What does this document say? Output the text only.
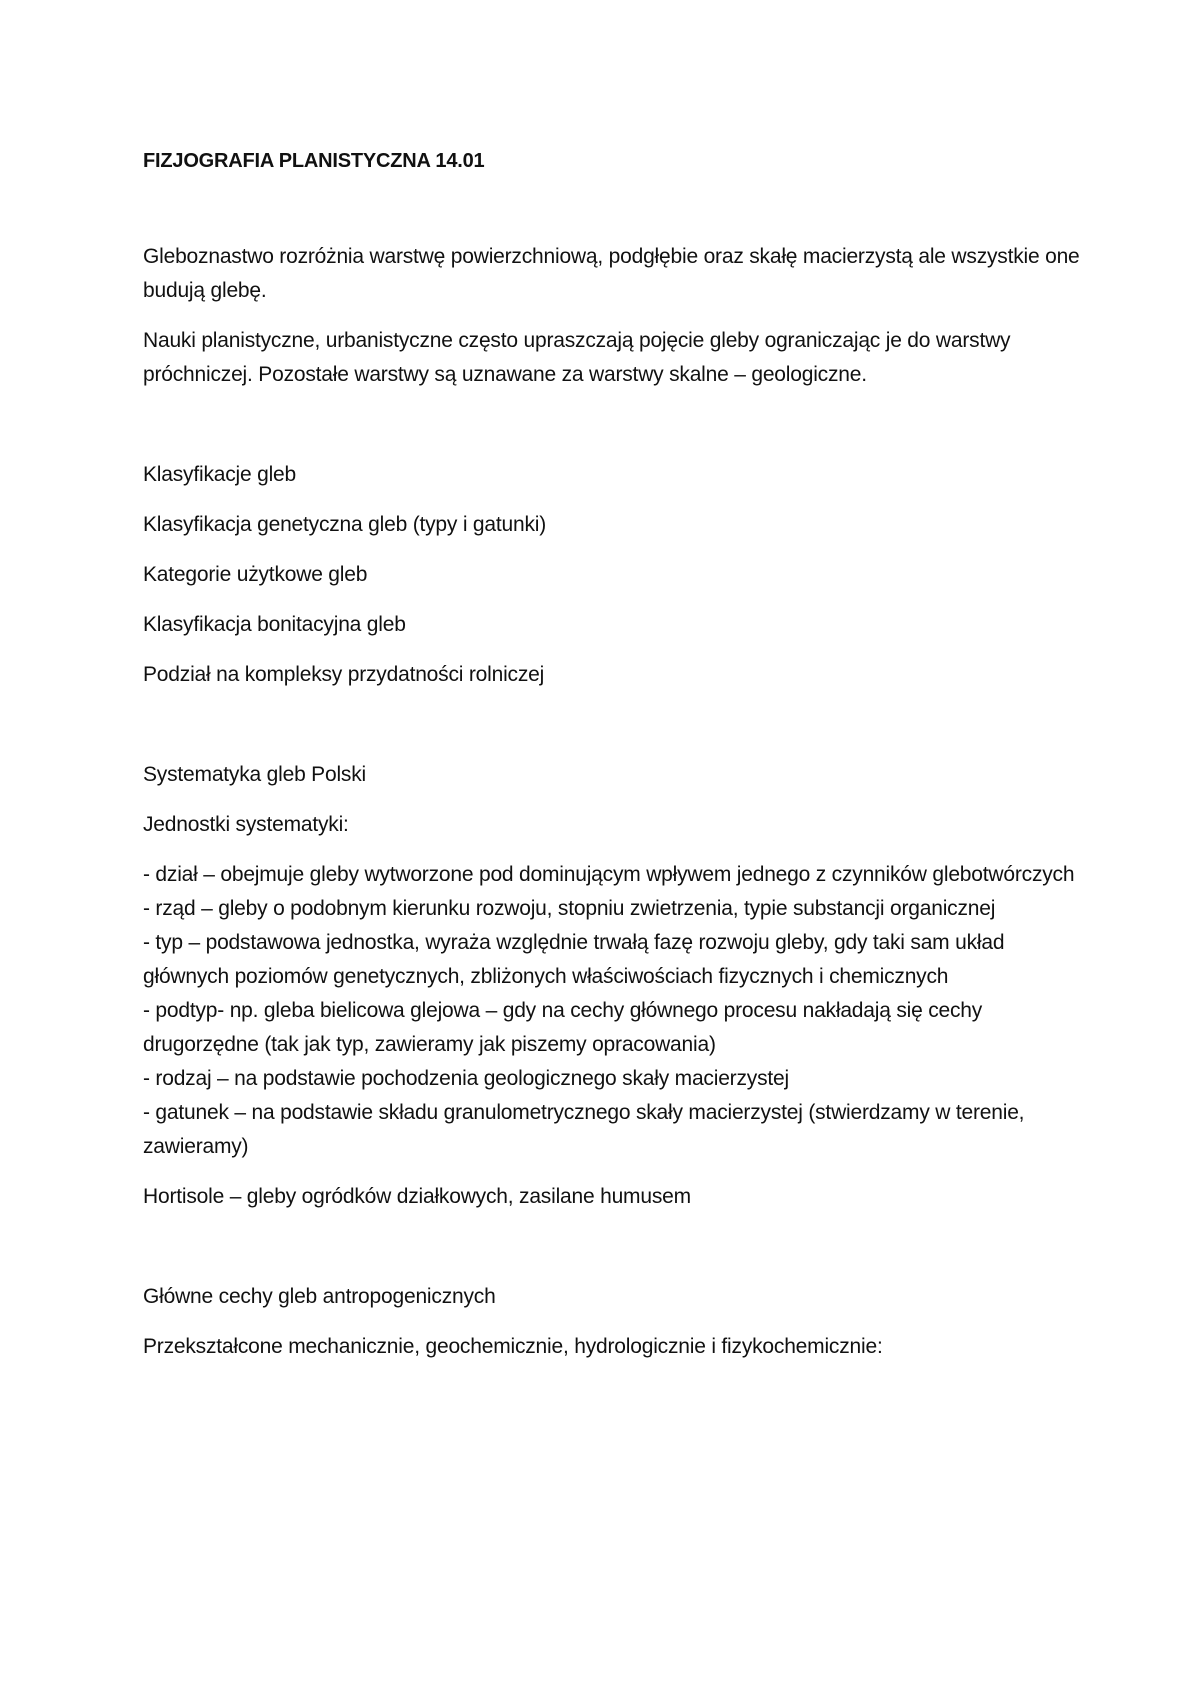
FIZJOGRAFIA PLANISTYCZNA 14.01

Gleboznastwo rozróżnia warstwę powierzchniową, podgłębie oraz skałę macierzystą ale wszystkie one budują glebę.

Nauki planistyczne, urbanistyczne często upraszczają pojęcie gleby ograniczając je do warstwy próchniczej. Pozostałe warstwy są uznawane za warstwy skalne – geologiczne.

Klasyfikacje gleb

Klasyfikacja genetyczna gleb (typy i gatunki)

Kategorie użytkowe gleb

Klasyfikacja bonitacyjna gleb

Podział na kompleksy przydatności rolniczej

Systematyka gleb Polski

Jednostki systematyki:

- dział – obejmuje gleby wytworzone pod dominującym wpływem jednego z czynników glebotwórczych

- rząd – gleby o podobnym kierunku rozwoju, stopniu zwietrzenia, typie substancji organicznej

- typ – podstawowa jednostka, wyraża względnie trwałą fazę rozwoju gleby, gdy taki sam układ głównych poziomów genetycznych, zbliżonych właściwościach fizycznych i chemicznych

- podtyp- np. gleba bielicowa glejowa – gdy na cechy głównego procesu nakładają się cechy drugorzędne (tak jak typ, zawieramy jak piszemy opracowania)

- rodzaj – na podstawie pochodzenia geologicznego skały macierzystej

- gatunek – na podstawie składu granulometrycznego skały macierzystej (stwierdzamy w terenie, zawieramy)

Hortisole – gleby ogródków działkowych, zasilane humusem

Główne cechy gleb antropogenicznych

Przekształcone mechanicznie, geochemicznie, hydrologicznie i fizykochemicznie:
